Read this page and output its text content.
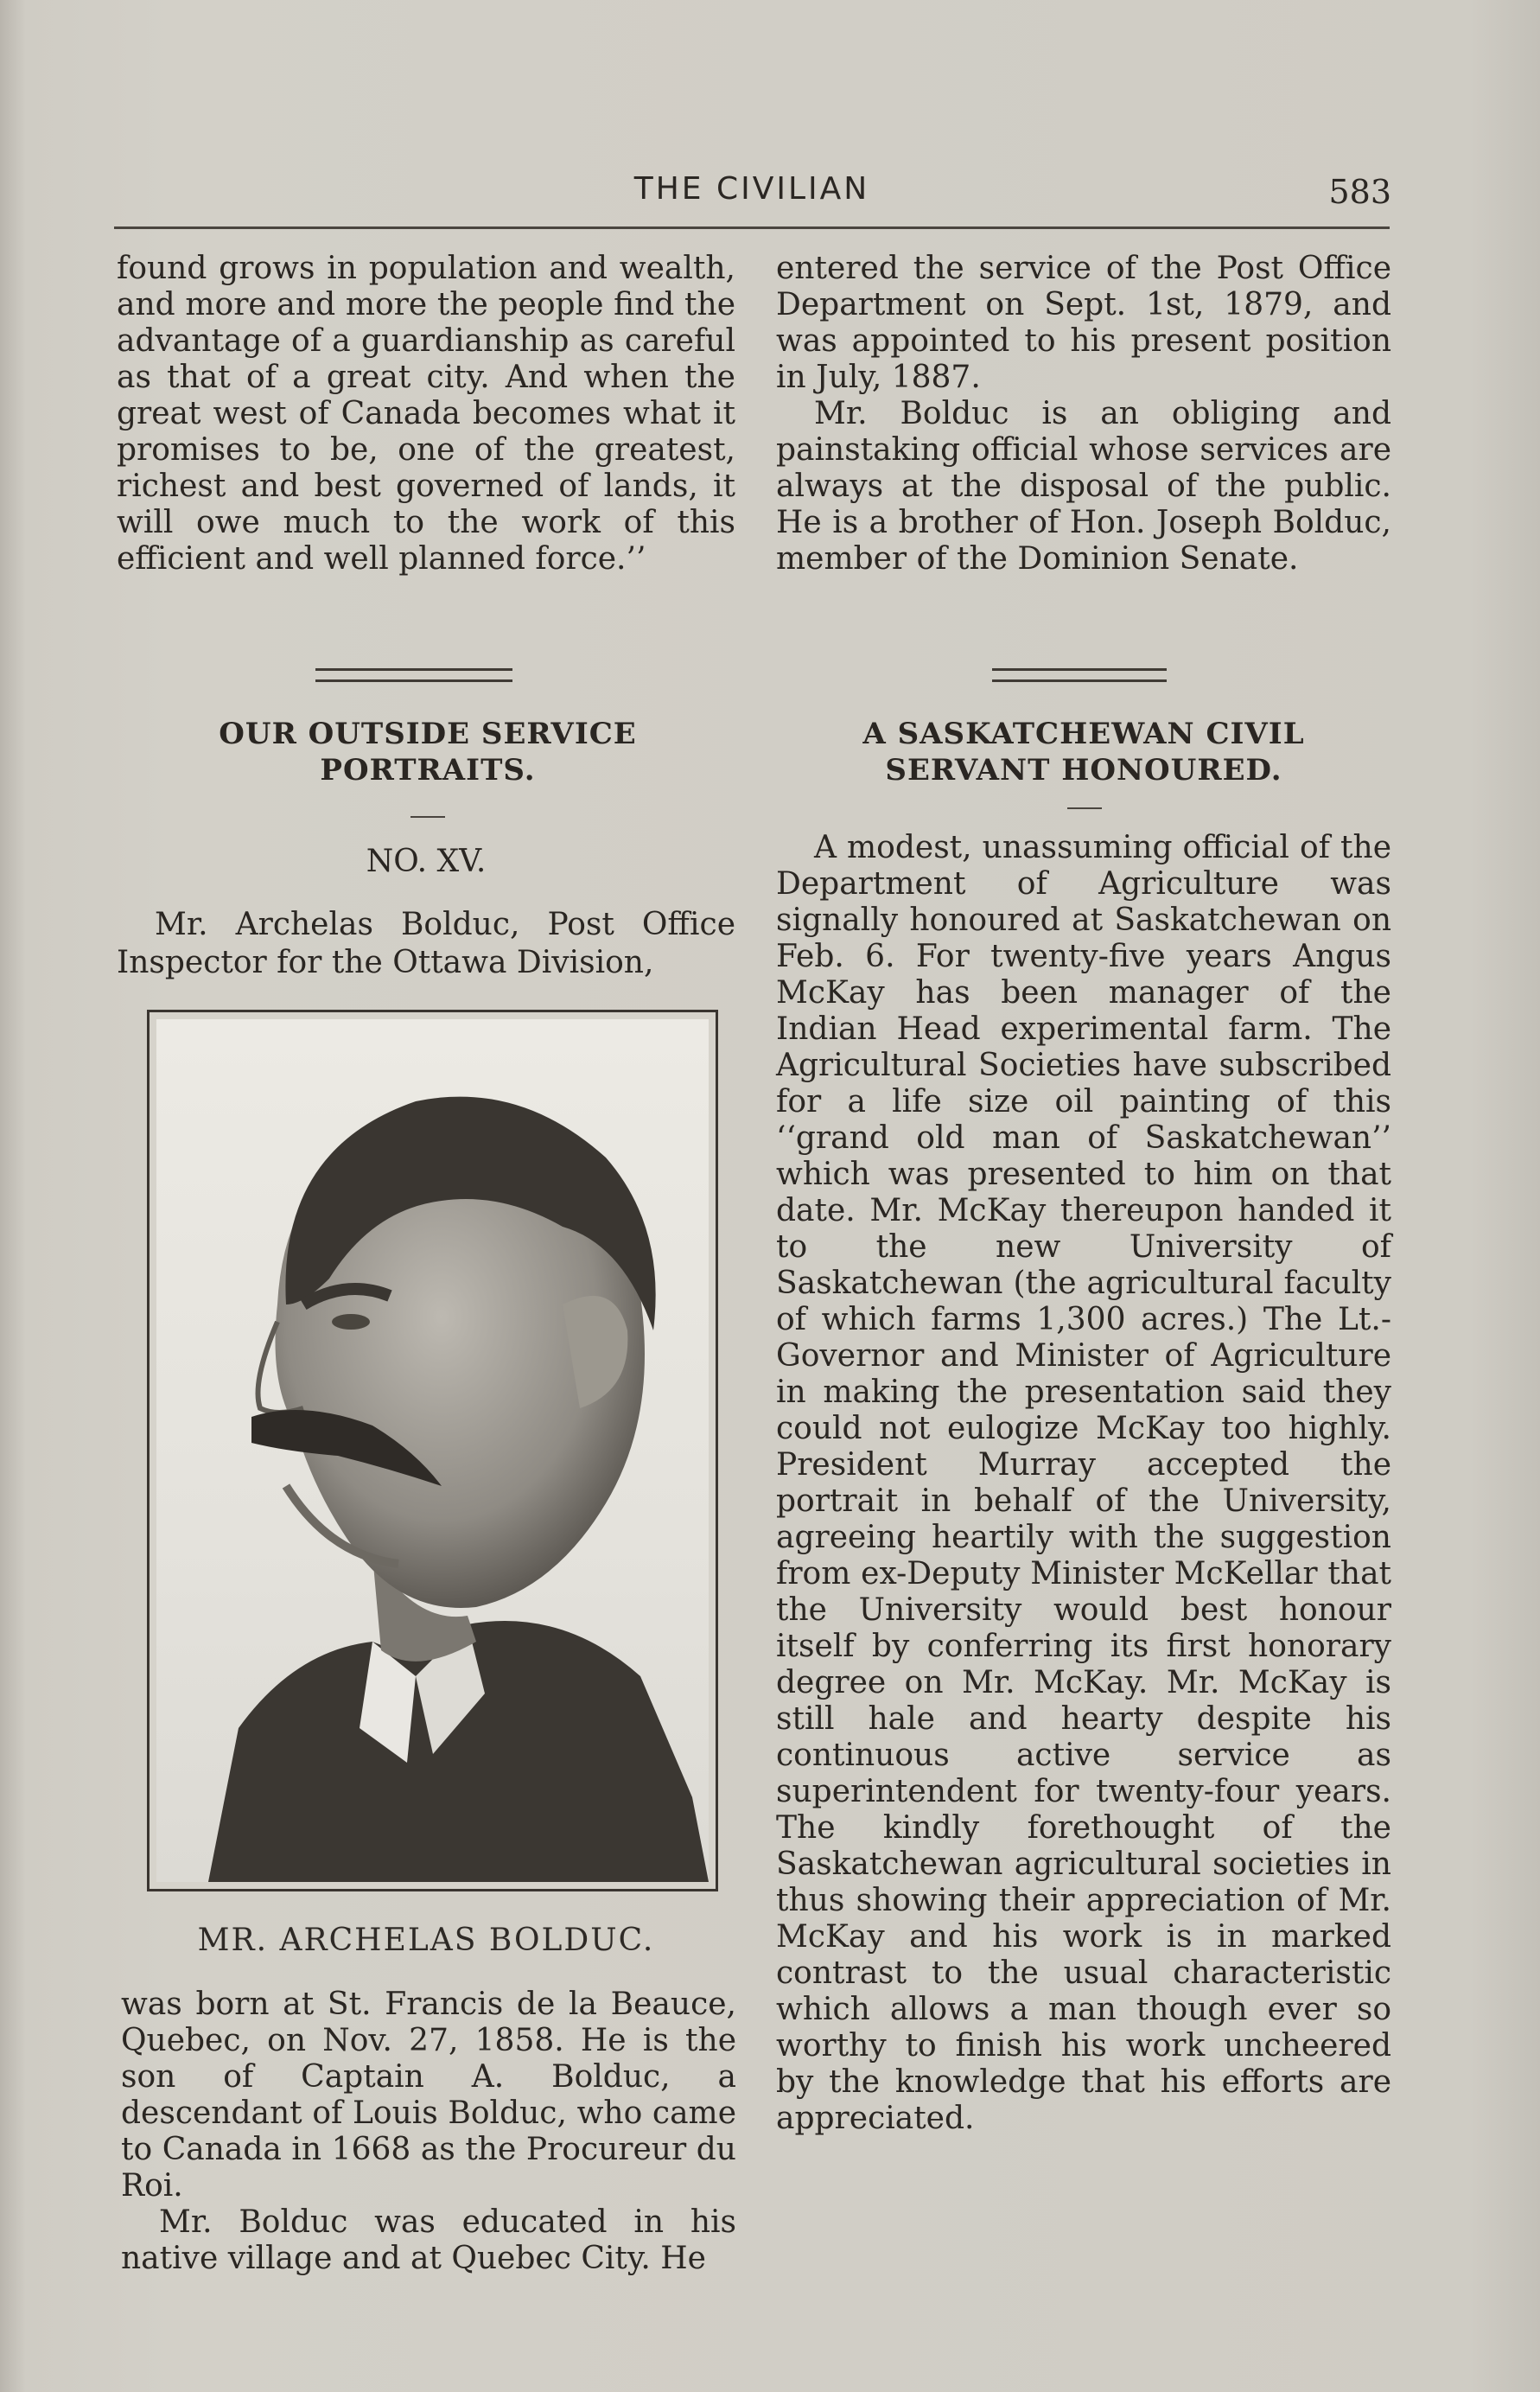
THE CIVILIAN	583

found grows in population and wealth, and more and more the people find the advantage of a guardianship as careful as that of a great city. And when the great west of Canada becomes what it promises to be, one of the greatest, richest and best governed of lands, it will owe much to the work of this efficient and well planned force.’’

entered the service of the Post Office Department on Sept. 1st, 1879, and was appointed to his present position in July, 1887.

Mr. Bolduc is an obliging and painstaking official whose services are always at the disposal of the public. He is a brother of Hon. Joseph Bolduc, member of the Dominion Senate.

OUR OUTSIDE SERVICE PORTRAITS.
NO. XV.

Mr. Archelas Bolduc, Post Office Inspector for the Ottawa Division,

MR. ARCHELAS BOLDUC.

was born at St. Francis de la Beauce, Quebec, on Nov. 27, 1858. He is the son of Captain A. Bolduc, a descendant of Louis Bolduc, who came to Canada in 1668 as the Procureur du Roi.

Mr. Bolduc was educated in his native village and at Quebec City. He

A SASKATCHEWAN CIVIL SERVANT HONOURED.

A modest, unassuming official of the Department of Agriculture was signally honoured at Saskatchewan on Feb. 6. For twenty-five years Angus McKay has been manager of the Indian Head experimental farm. The Agricultural Societies have subscribed for a life size oil painting of this ‘‘grand old man of Saskatchewan’’ which was presented to him on that date. Mr. McKay thereupon handed it to the new University of Saskatchewan (the agricultural faculty of which farms 1,300 acres.) The Lt.-Governor and Minister of Agriculture in making the presentation said they could not eulogize McKay too highly. President Murray accepted the portrait in behalf of the University, agreeing heartily with the suggestion from ex-Deputy Minister McKellar that the University would best honour itself by conferring its first honorary degree on Mr. McKay. Mr. McKay is still hale and hearty despite his continuous active service as superintendent for twenty-four years. The kindly forethought of the Saskatchewan agricultural societies in thus showing their appreciation of Mr. McKay and his work is in marked contrast to the usual characteristic which allows a man though ever so worthy to finish his work uncheered by the knowledge that his efforts are appreciated.
